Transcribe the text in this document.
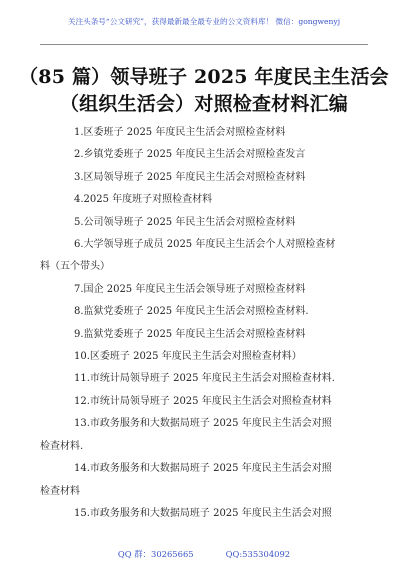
关注头条号“公文研究”，获得最新最全最专业的公文资料库！ 微信：gongwenyj
（85 篇）领导班子 2025 年度民主生活会
（组织生活会）对照检查材料汇编
1.区委班子 2025 年度民主生活会对照检查材料
2.乡镇党委班子 2025 年度民主生活会对照检查发言
3.区局领导班子 2025 年度民主生活会对照检查材料
4.2025 年度班子对照检查材料
5.公司领导班子 2025 年民主生活会对照检查材料
6.大学领导班子成员 2025 年度民主生活会个人对照检查材
料（五个带头）
7.国企 2025 年度民主生活会领导班子对照检查材料
8.监狱党委班子 2025 年度民主生活会对照检查材料.
9.监狱党委班子 2025 年度民主生活会对照检查材料
10.区委班子 2025 年度民主生活会对照检查材料）
11.市统计局领导班子 2025 年度民主生活会对照检查材料.
12.市统计局领导班子 2025 年度民主生活会对照检查材料
13.市政务服务和大数据局班子 2025 年度民主生活会对照
检查材料.
14.市政务服务和大数据局班子 2025 年度民主生活会对照
检查材料
15.市政务服务和大数据局班子 2025 年度民主生活会对照
QQ 群：30265665	QQ:535304092
